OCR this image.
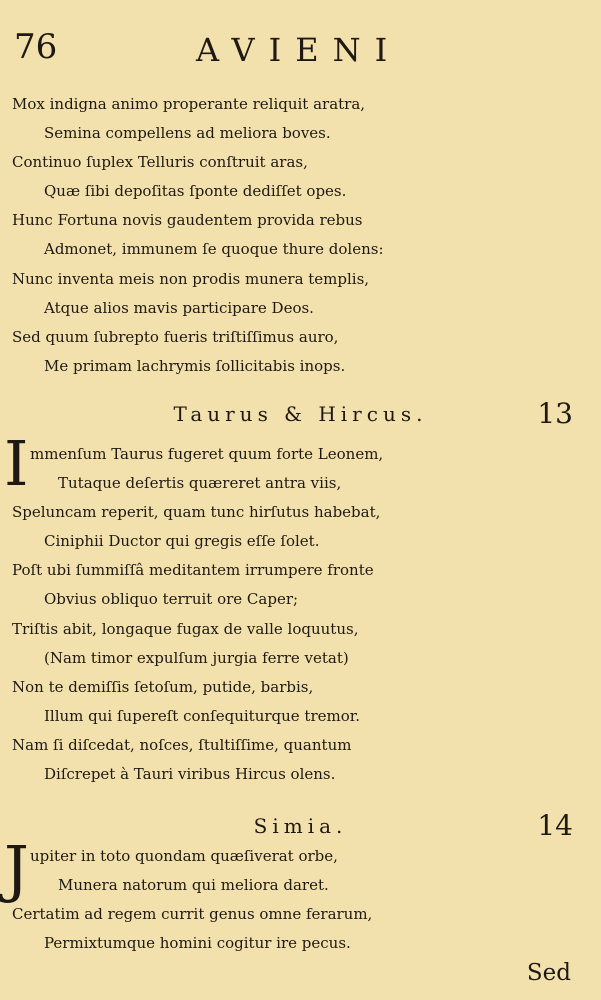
76	AVIENI
Mox indigna animo properante reliquit aratra,
Semina compellens ad meliora boves.
Continuo ſuplex Telluris conſtruit aras,
Quæ ſibi depoſitas ſponte dediſſet opes.
Hunc Fortuna novis gaudentem provida rebus
Admonet, immunem ſe quoque thure dolens:
Nunc inventa meis non prodis munera templis,
Atque alios mavis participare Deos.
Sed quum ſubrepto fueris triſtiſſimus auro,
Me primam lachrymis ſollicitabis inops.
Taurus & Hircus.	13
I mmenſum Taurus fugeret quum forte Leonem,
Tutaque deſertis quæreret antra viis,
Speluncam reperit, quam tunc hirſutus habebat,
Ciniphii Ductor qui gregis eſſe ſolet.
Poſt ubi ſummiſſâ meditantem irrumpere fronte
Obvius obliquo terruit ore Caper;
Triſtis abit, longaque fugax de valle loquutus,
(Nam timor expulſum jurgia ferre vetat)
Non te demiſſis ſetoſum, putide, barbis,
Illum qui ſupereſt conſequiturque tremor.
Nam ſi diſcedat, noſces, ſtultiſſime, quantum
Diſcrepet à Tauri viribus Hircus olens.
Simia.	14
J upiter in toto quondam quæſiverat orbe,
Munera natorum qui meliora daret.
Certatim ad regem currit genus omne ferarum,
Permixtumque homini cogitur ire pecus.
Sed
